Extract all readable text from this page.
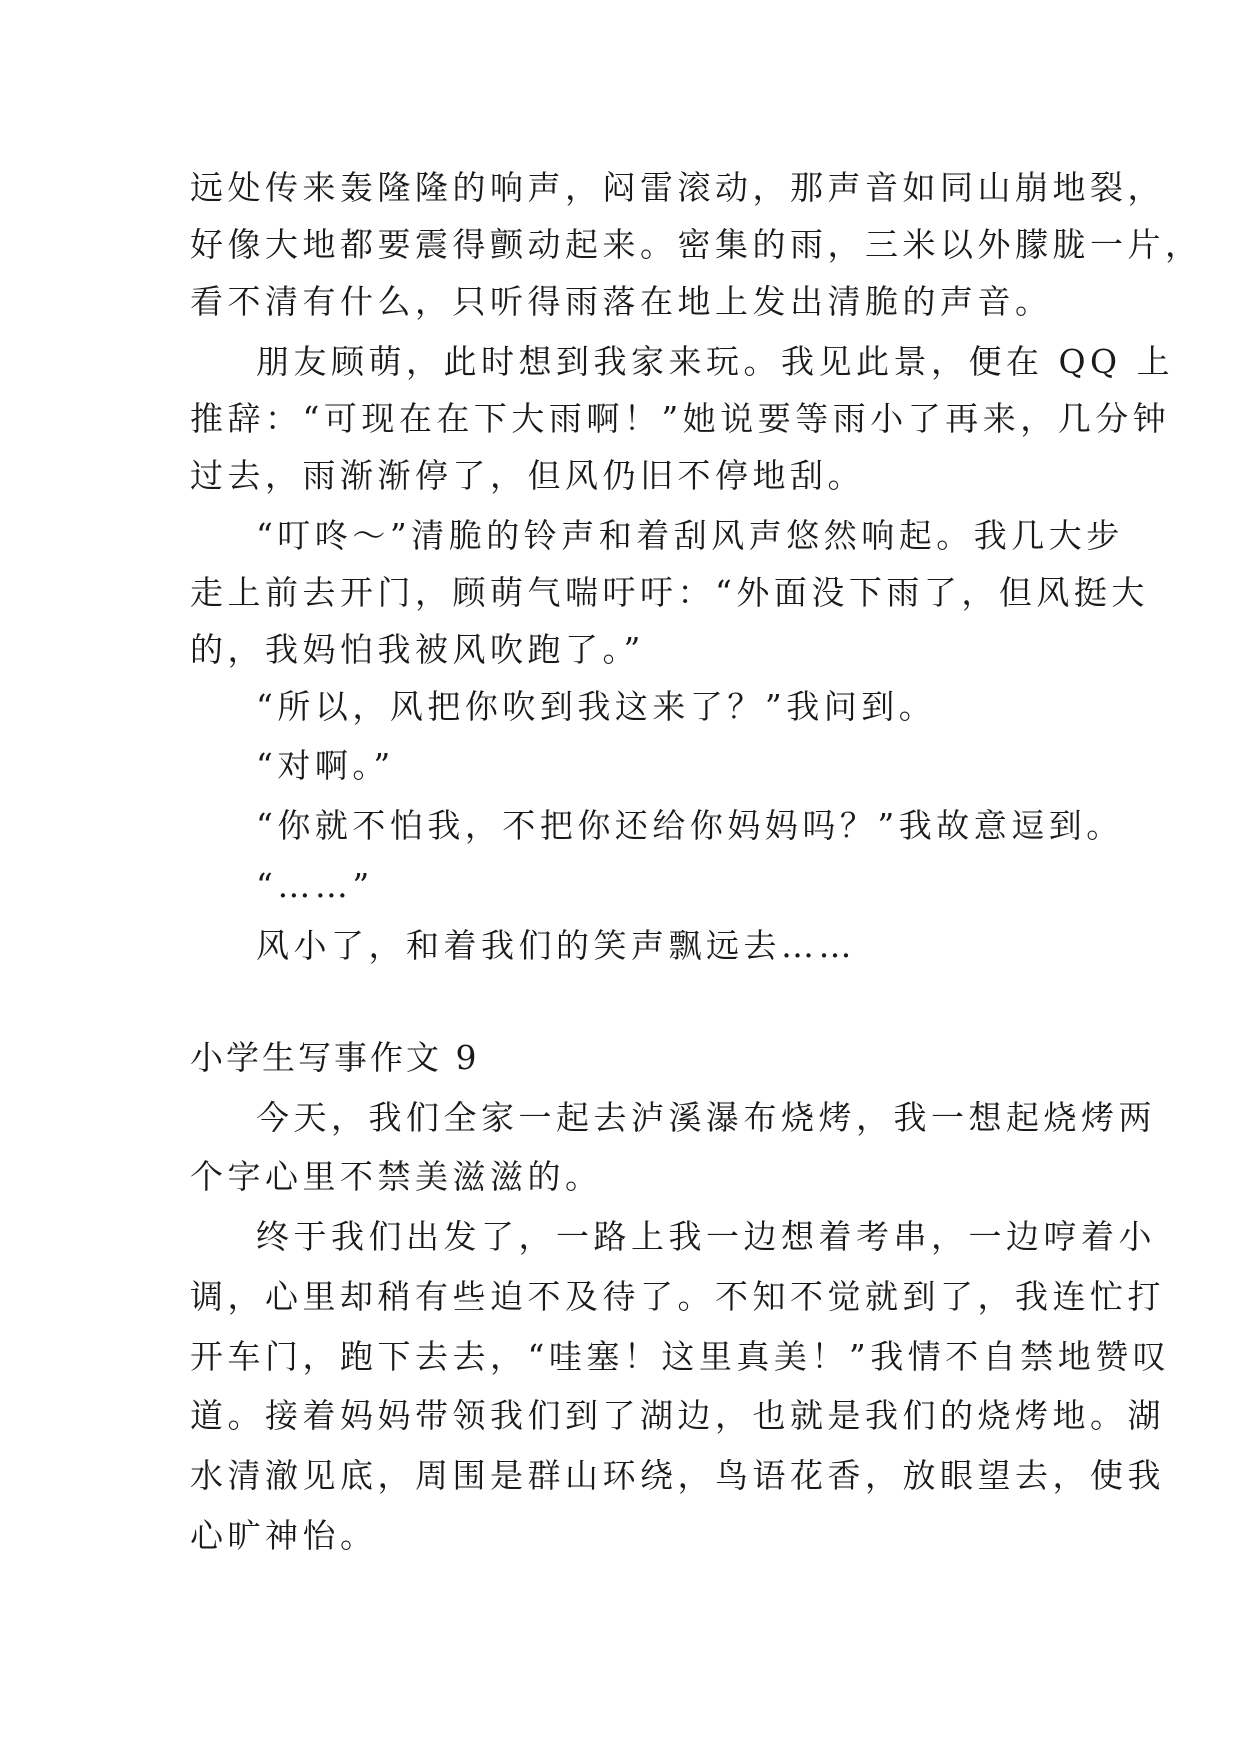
远处传来轰隆隆的响声，闷雷滚动，那声音如同山崩地裂，
好像大地都要震得颤动起来。密集的雨，三米以外朦胧一片，
看不清有什么，只听得雨落在地上发出清脆的声音。
朋友顾萌，此时想到我家来玩。我见此景，便在 QQ 上
推辞：“可现在在下大雨啊！”她说要等雨小了再来，几分钟
过去，雨渐渐停了，但风仍旧不停地刮。
“叮咚～”清脆的铃声和着刮风声悠然响起。我几大步
走上前去开门，顾萌气喘吁吁：“外面没下雨了，但风挺大
的，我妈怕我被风吹跑了。”
“所以，风把你吹到我这来了？”我问到。
“对啊。”
“你就不怕我，不把你还给你妈妈吗？”我故意逗到。
“……”
风小了，和着我们的笑声飘远去……
小学生写事作文 9
今天，我们全家一起去泸溪瀑布烧烤，我一想起烧烤两
个字心里不禁美滋滋的。
终于我们出发了，一路上我一边想着考串，一边哼着小
调，心里却稍有些迫不及待了。不知不觉就到了，我连忙打
开车门，跑下去去，“哇塞！这里真美！”我情不自禁地赞叹
道。接着妈妈带领我们到了湖边，也就是我们的烧烤地。湖
水清澈见底，周围是群山环绕，鸟语花香，放眼望去，使我
心旷神怡。
